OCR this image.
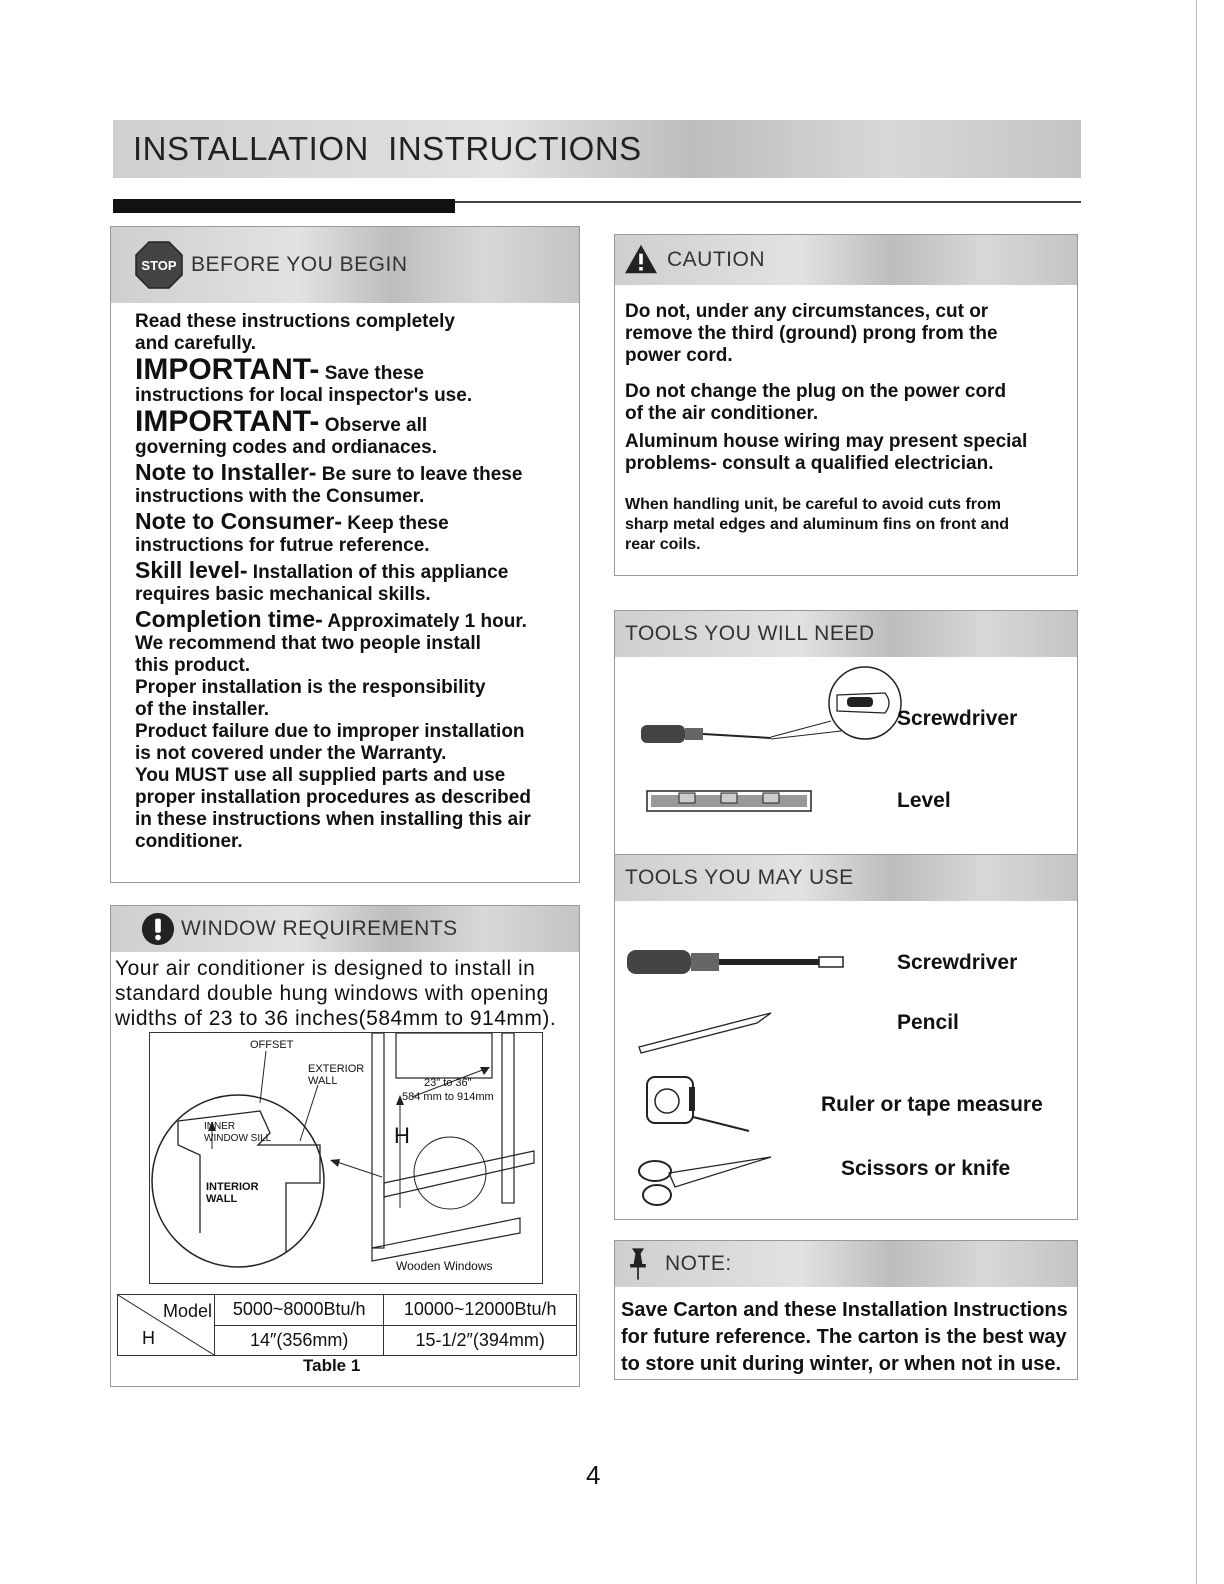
INSTALLATION  INSTRUCTIONS
STOP BEFORE YOU BEGIN
Read these instructions completely
and carefully.
IMPORTANT- Save these
instructions for local inspector's use.
IMPORTANT- Observe all
governing codes and ordianaces.
Note to Installer- Be sure to leave these
instructions with the Consumer.
Note to Consumer- Keep these
instructions for futrue reference.
Skill level- Installation of this appliance
requires basic mechanical skills.
Completion time- Approximately 1 hour.
We recommend that two people install
this product.
Proper installation is the responsibility
of the installer.
Product failure due to improper installation
is not covered under the Warranty.
You MUST use all supplied parts and use
proper installation procedures as described
in these instructions when installing this air
conditioner.
WINDOW REQUIREMENTS
Your air conditioner is designed to install in
standard double hung windows with opening
widths of 23 to 36 inches(584mm to 914mm).
OFFSET
EXTERIOR
WALL
INNER
WINDOW SILL
INTERIOR
WALL
23" to 36"
584 mm to 914mm
H
Wooden Windows
Model
H	5000~8000Btu/h	10000~12000Btu/h
	14″(356mm)	15-1/2″(394mm)
Table 1
CAUTION
Do not, under any circumstances, cut or
remove the third (ground) prong from the
power cord.
Do not change the plug on the power cord
of the air conditioner.
Aluminum house wiring may present special
problems- consult a qualified electrician.
When handling unit, be careful to avoid cuts from
sharp metal edges and aluminum fins on front and
rear coils.
TOOLS YOU WILL NEED
Screwdriver
Level
TOOLS YOU MAY USE
Screwdriver
Pencil
Ruler or tape measure
Scissors or knife
NOTE:
Save Carton and these Installation Instructions
for future reference. The carton is the best way
to store unit during winter, or when not in use.
4
